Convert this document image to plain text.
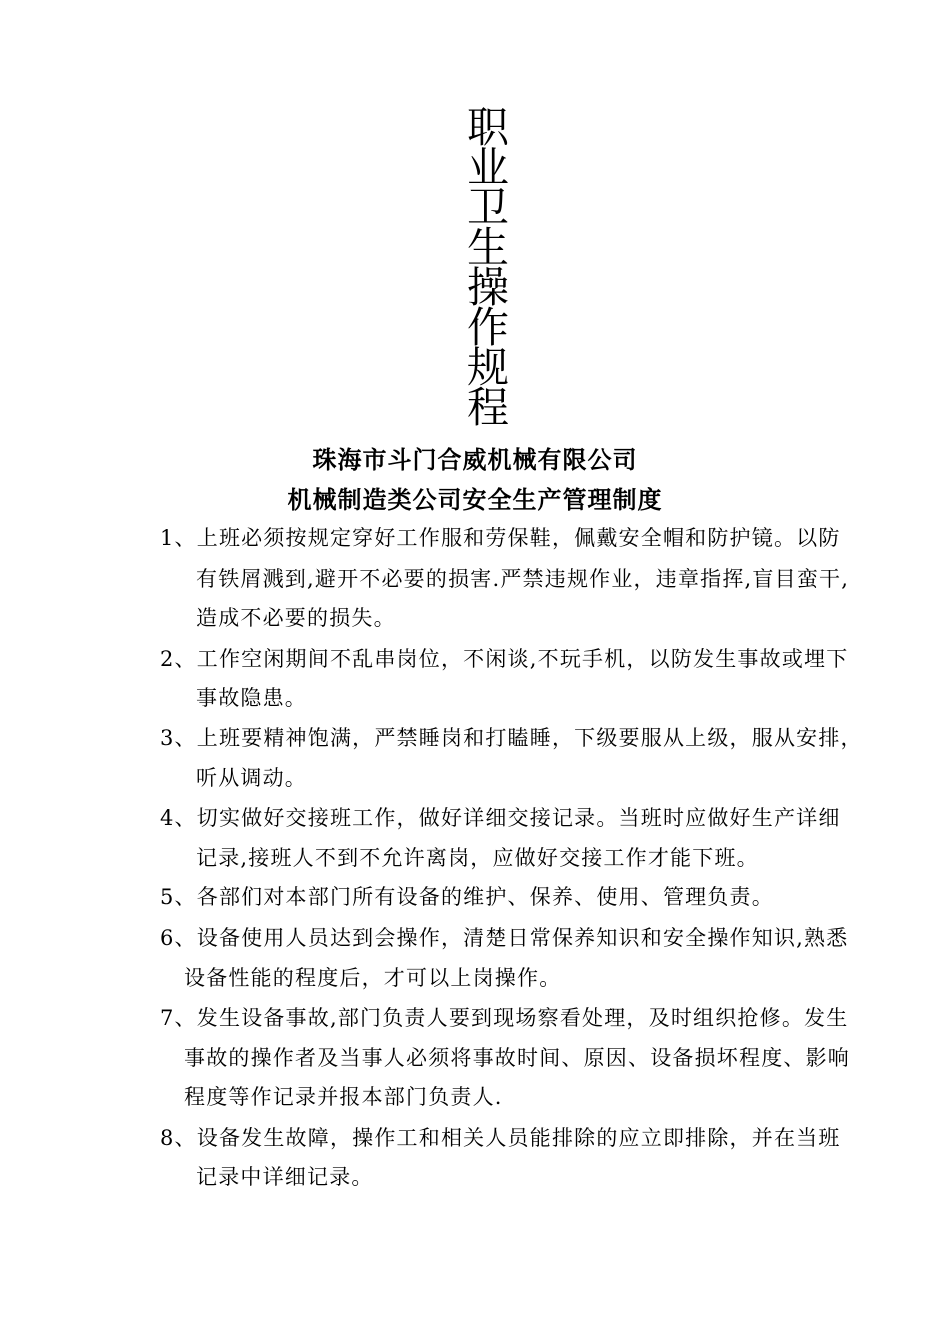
职
业
卫
生
操
作
规
程
珠海市斗门合威机械有限公司
机械制造类公司安全生产管理制度
1、上班必须按规定穿好工作服和劳保鞋，佩戴安全帽和防护镜。以防
有铁屑溅到,避开不必要的损害.严禁违规作业，违章指挥,盲目蛮干,
造成不必要的损失。
2、工作空闲期间不乱串岗位，不闲谈,不玩手机，以防发生事故或埋下
事故隐患。
3、上班要精神饱满，严禁睡岗和打瞌睡，下级要服从上级，服从安排，
听从调动。
4、切实做好交接班工作，做好详细交接记录。当班时应做好生产详细
记录,接班人不到不允许离岗，应做好交接工作才能下班。
5、各部们对本部门所有设备的维护、保养、使用、管理负责。
6、设备使用人员达到会操作，清楚日常保养知识和安全操作知识,熟悉
设备性能的程度后，才可以上岗操作。
7、发生设备事故,部门负责人要到现场察看处理，及时组织抢修。发生
事故的操作者及当事人必须将事故时间、原因、设备损坏程度、影响
程度等作记录并报本部门负责人.
8、设备发生故障，操作工和相关人员能排除的应立即排除，并在当班
记录中详细记录。
